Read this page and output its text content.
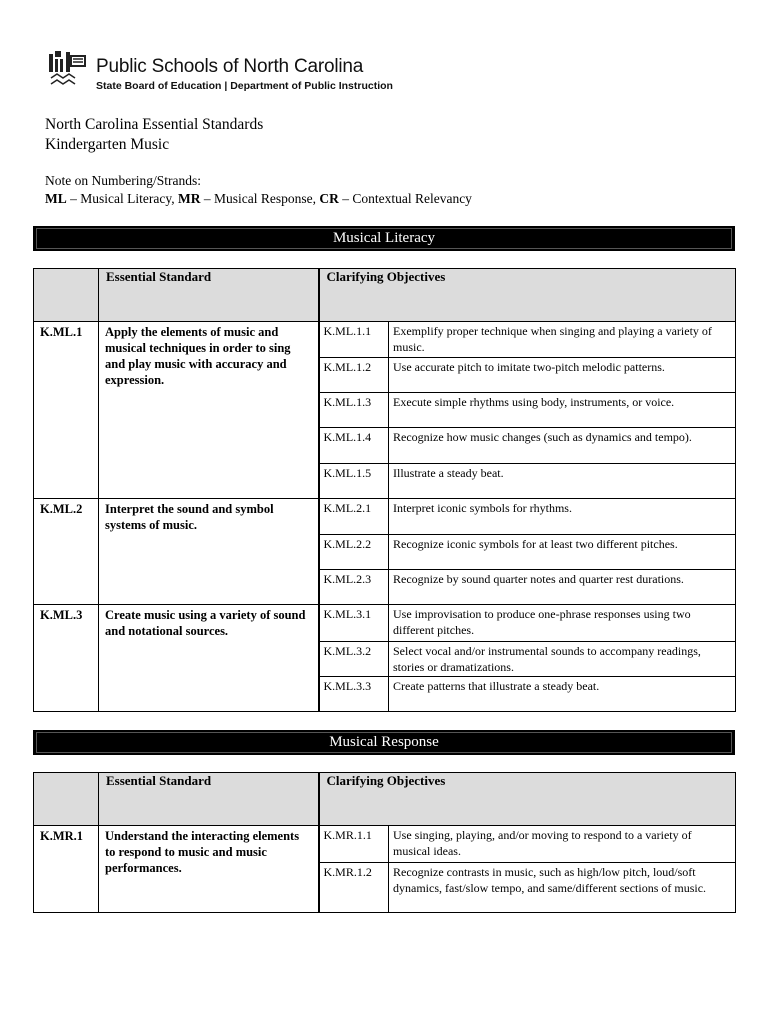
Public Schools of North Carolina
State Board of Education | Department of Public Instruction
North Carolina Essential Standards
Kindergarten Music
Note on Numbering/Strands:
ML – Musical Literacy, MR – Musical Response, CR – Contextual Relevancy
Musical Literacy
	Essential Standard	Clarifying Objectives
K.ML.1	Apply the elements of music and musical techniques in order to sing and play music with accuracy and expression.	
K.ML.1.1	Exemplify proper technique when singing and playing a variety of music.
K.ML.1.2	Use accurate pitch to imitate two-pitch melodic patterns.
K.ML.1.3	Execute simple rhythms using body, instruments, or voice.
K.ML.1.4	Recognize how music changes (such as dynamics and tempo).
K.ML.1.5	Illustrate a steady beat.

K.ML.2	Interpret the sound and symbol systems of music.	
K.ML.2.1	Interpret iconic symbols for rhythms.
K.ML.2.2	Recognize iconic symbols for at least two different pitches.
K.ML.2.3	Recognize by sound quarter notes and quarter rest durations.

K.ML.3	Create music using a variety of sound and notational sources.	
K.ML.3.1	Use improvisation to produce one-phrase responses using two different pitches.
K.ML.3.2	Select vocal and/or instrumental sounds to accompany readings, stories or dramatizations.
K.ML.3.3	Create patterns that illustrate a steady beat.
Musical Response
	Essential Standard	Clarifying Objectives
K.MR.1	Understand the interacting elements to respond to music and music performances.	
K.MR.1.1	Use singing, playing, and/or moving to respond to a variety of musical ideas.
K.MR.1.2	Recognize contrasts in music, such as high/low pitch, loud/soft dynamics, fast/slow tempo, and same/different sections of music.
